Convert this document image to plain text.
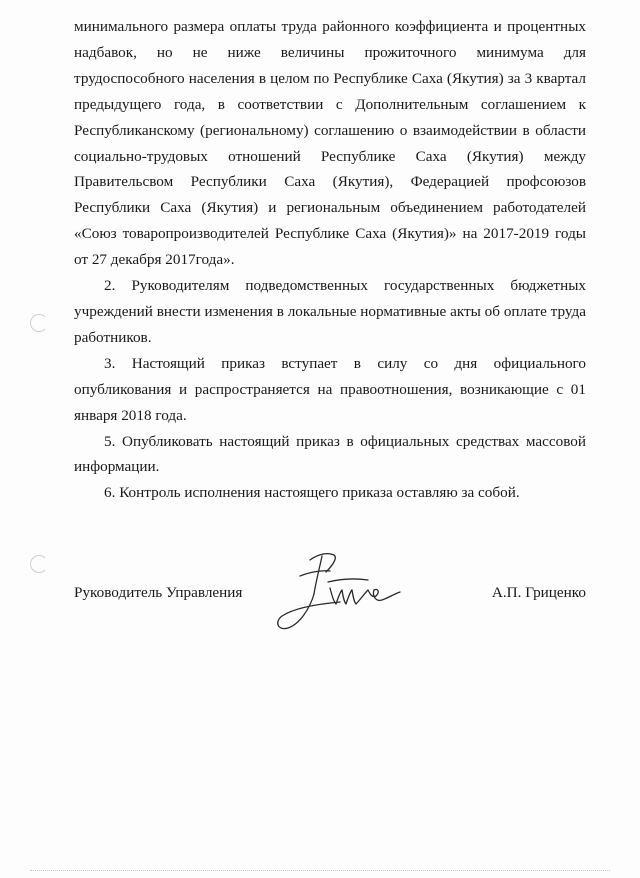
минимального размера оплаты труда районного коэффициента и процентных надбавок, но не ниже величины прожиточного минимума для трудоспособного населения в целом по Республике Саха (Якутия) за 3 квартал предыдущего года, в соответствии с Дополнительным соглашением к Республиканскому (региональному) соглашению о взаимодействии в области социально-трудовых отношений Республике Саха (Якутия) между Правительсвом Республики Саха (Якутия), Федерацией профсоюзов Республики Саха (Якутия) и региональным объединением работодателей «Союз товаропроизводителей Республике Саха (Якутия)» на 2017-2019 годы от 27 декабря 2017года».

2. Руководителям подведомственных государственных бюджетных учреждений внести изменения в локальные нормативные акты об оплате труда работников.

3. Настоящий приказ вступает в силу со дня официального опубликования и распространяется на правоотношения, возникающие с 01 января 2018 года.

5. Опубликовать настоящий приказ в официальных средствах массовой информации.

6. Контроль исполнения настоящего приказа оставляю за собой.

Руководитель Управления	А.П. Гриценко
